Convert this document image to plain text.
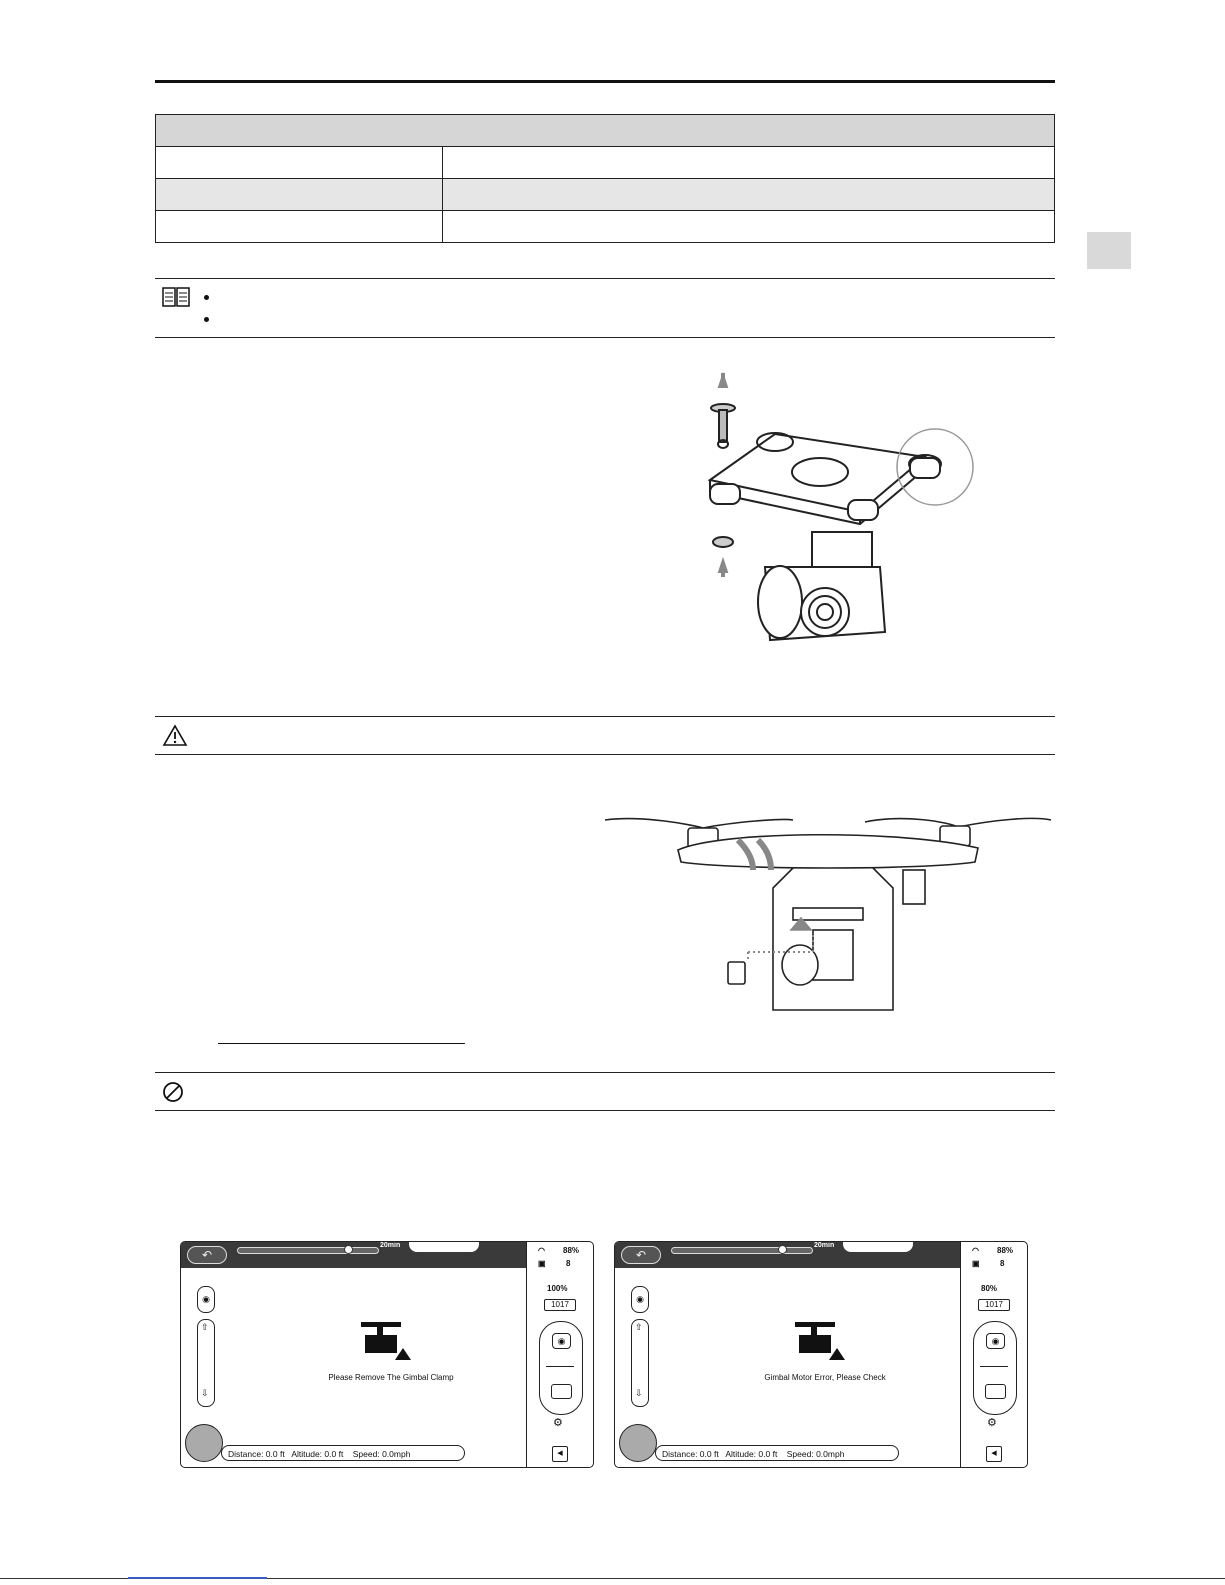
↶
20min
◠ 88%
▣	8
100%
1017
◉
⚙
◀
◉
⇧
⇩
Distance: 0.0 ft Altitude: 0.0 ft Speed: 0.0mph
Please Remove The Gimbal Clamp
↶
20min
◠ 88%
▣	8
80%
1017
◉
⚙
◀
◉
⇧
⇩
Distance: 0.0 ft Altitude: 0.0 ft Speed: 0.0mph
Gimbal Motor Error, Please Check
